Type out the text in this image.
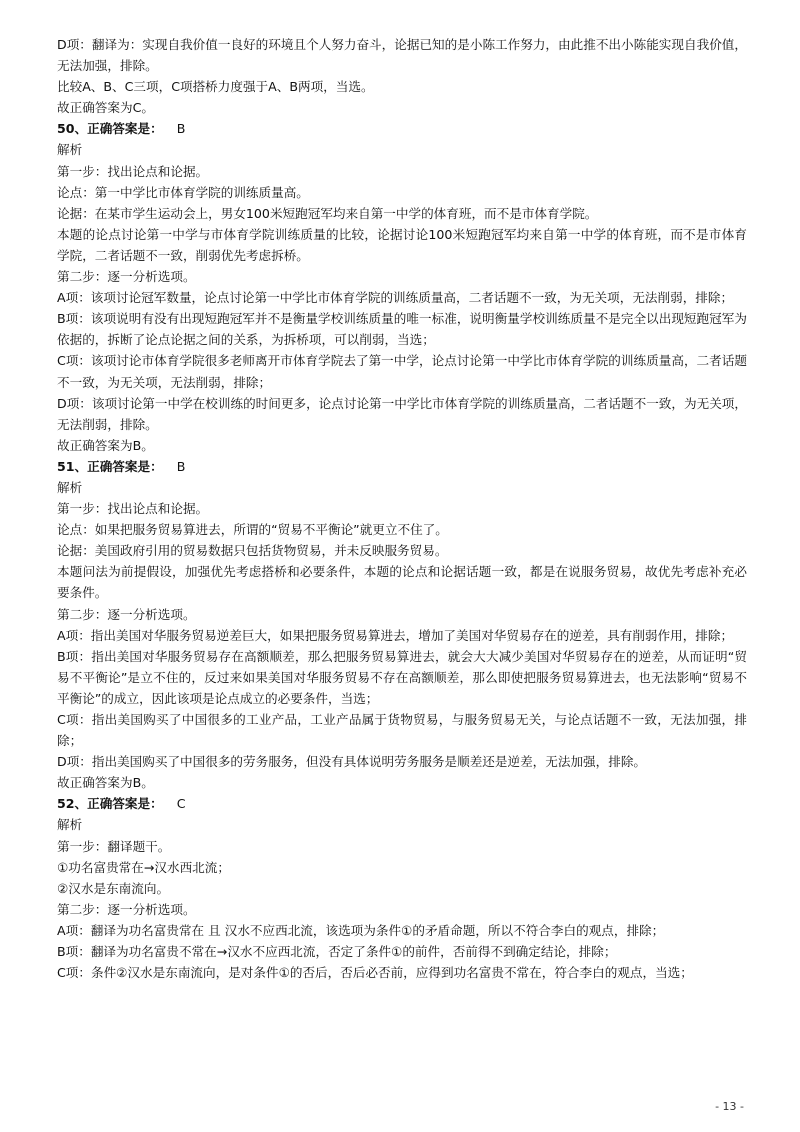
D项：翻译为：实现自我价值一良好的环境且个人努力奋斗，论据已知的是小陈工作努力，由此推不出小陈能实现自我价值，无法加强，排除。

比较A、B、C三项，C项搭桥力度强于A、B两项，当选。

故正确答案为C。

50、正确答案是： B

解析

第一步：找出论点和论据。

论点：第一中学比市体育学院的训练质量高。

论据：在某市学生运动会上，男女100米短跑冠军均来自第一中学的体育班，而不是市体育学院。

本题的论点讨论第一中学与市体育学院训练质量的比较，论据讨论100米短跑冠军均来自第一中学的体育班，而不是市体育学院，二者话题不一致，削弱优先考虑拆桥。

第二步：逐一分析选项。

A项：该项讨论冠军数量，论点讨论第一中学比市体育学院的训练质量高，二者话题不一致，为无关项，无法削弱，排除；

B项：该项说明有没有出现短跑冠军并不是衡量学校训练质量的唯一标准，说明衡量学校训练质量不是完全以出现短跑冠军为依据的，拆断了论点论据之间的关系，为拆桥项，可以削弱，当选；

C项：该项讨论市体育学院很多老师离开市体育学院去了第一中学，论点讨论第一中学比市体育学院的训练质量高，二者话题不一致，为无关项，无法削弱，排除；

D项：该项讨论第一中学在校训练的时间更多，论点讨论第一中学比市体育学院的训练质量高，二者话题不一致，为无关项，无法削弱，排除。

故正确答案为B。

51、正确答案是： B

解析

第一步：找出论点和论据。

论点：如果把服务贸易算进去，所谓的“贸易不平衡论”就更立不住了。

论据：美国政府引用的贸易数据只包括货物贸易，并未反映服务贸易。

本题问法为前提假设，加强优先考虑搭桥和必要条件，本题的论点和论据话题一致，都是在说服务贸易，故优先考虑补充必要条件。

第二步：逐一分析选项。

A项：指出美国对华服务贸易逆差巨大，如果把服务贸易算进去，增加了美国对华贸易存在的逆差，具有削弱作用，排除；

B项：指出美国对华服务贸易存在高额顺差，那么把服务贸易算进去，就会大大减少美国对华贸易存在的逆差，从而证明“贸易不平衡论”是立不住的，反过来如果美国对华服务贸易不存在高额顺差，那么即使把服务贸易算进去，也无法影响“贸易不平衡论”的成立，因此该项是论点成立的必要条件，当选；

C项：指出美国购买了中国很多的工业产品，工业产品属于货物贸易，与服务贸易无关，与论点话题不一致，无法加强，排除；

D项：指出美国购买了中国很多的劳务服务，但没有具体说明劳务服务是顺差还是逆差，无法加强，排除。

故正确答案为B。

52、正确答案是： C

解析

第一步：翻译题干。

①功名富贵常在→汉水西北流；

②汉水是东南流向。

第二步：逐一分析选项。

A项：翻译为功名富贵常在 且 汉水不应西北流，该选项为条件①的矛盾命题，所以不符合李白的观点，排除；

B项：翻译为功名富贵不常在→汉水不应西北流，否定了条件①的前件，否前得不到确定结论，排除；

C项：条件②汉水是东南流向，是对条件①的否后，否后必否前，应得到功名富贵不常在，符合李白的观点，当选；

- 13 -
